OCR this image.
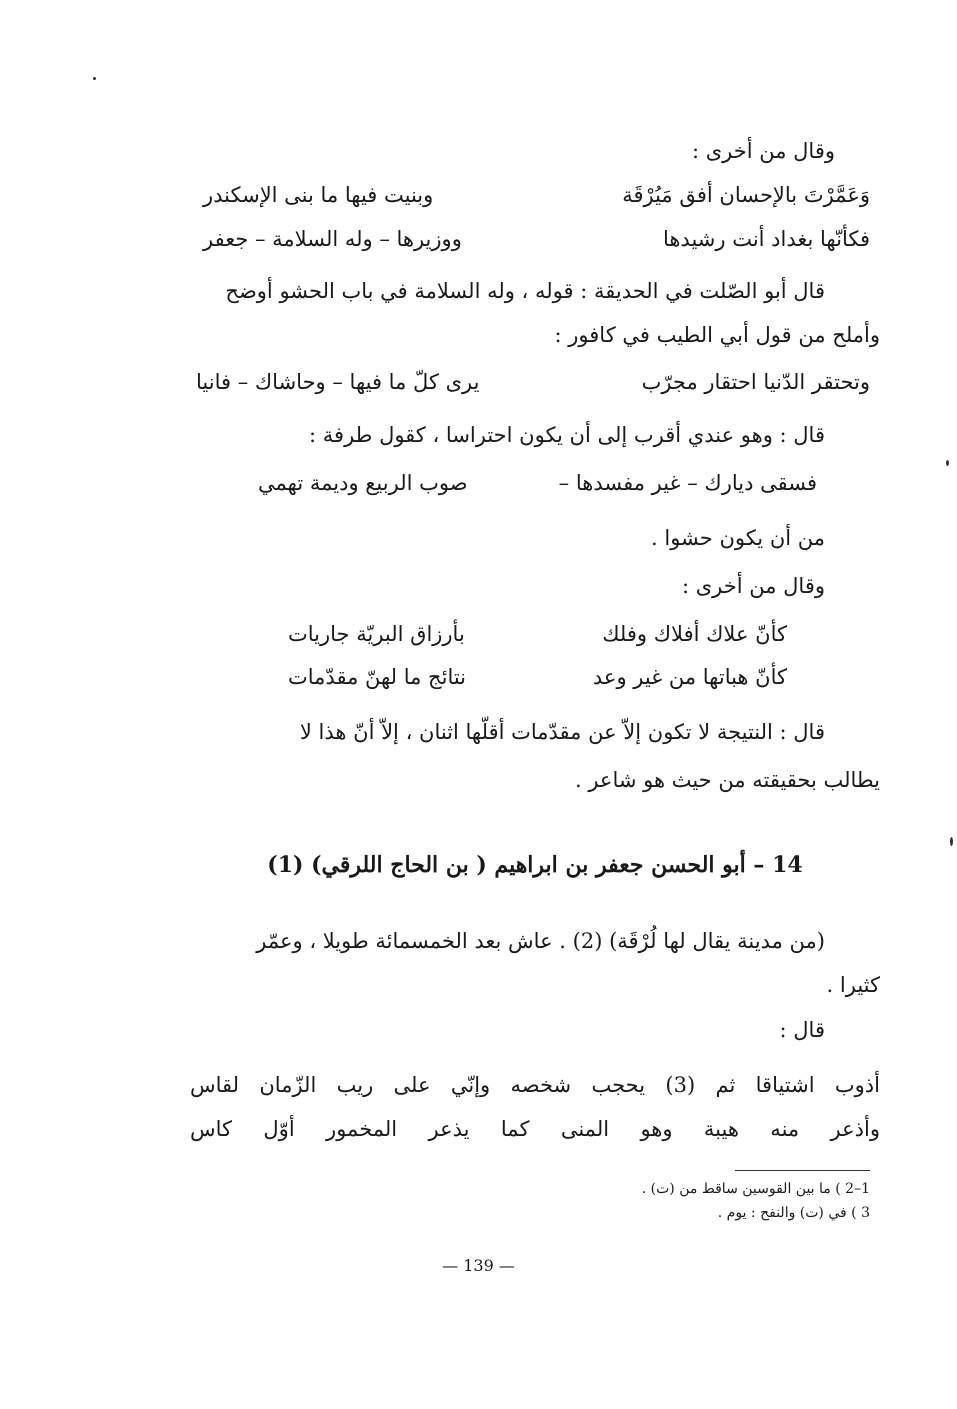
وقال من أخرى :
وَعَمَّرْتَ بالإحسان أفق مَيُرْقَة
وبنيت فيها ما بنى الإسكندر
فكأنّها بغداد أنت رشيدها
ووزيرها – وله السلامة – جعفر
قال أبو الصّلت في الحديقة : قوله ، وله السلامة في باب الحشو أوضح
وأملح من قول أبي الطيب في كافور :
وتحتقر الدّنيا احتقار مجرّب
يرى كلّ ما فيها – وحاشاك – فانيا
قال : وهو عندي أقرب إلى أن يكون احتراسا ، كقول طرفة :
فسقى ديارك – غير مفسدها –
صوب الربيع وديمة تهمي
من أن يكون حشوا .
وقال من أخرى :
كأنّ علاك أفلاك وفلك
بأرزاق البريّة جاريات
كأنّ هباتها من غير وعد
نتائج ما لهنّ مقدّمات
قال : النتيجة لا تكون إلاّ عن مقدّمات أقلّها اثنان ، إلاّ أنّ هذا لا
يطالب بحقيقته من حيث هو شاعر .
14 – أبو الحسن جعفر بن ابراهيم ( بن الحاج اللرقي) (1)
(من مدينة يقال لها لُرْقَة) (2) . عاش بعد الخمسمائة طويلا ، وعمّر
كثيرا .
قال :
أذوب اشتياقا ثم (3) يحجب شخصه وإنّي على ريب الزّمان لقاس
وأذعر منه هيبة وهو المنى كما يذعر المخمور أوّل كاس
1–2 ) ما بين القوسين ساقط من (ت) .
3 ) في (ت) والنفح : يوم .
— 139 —
